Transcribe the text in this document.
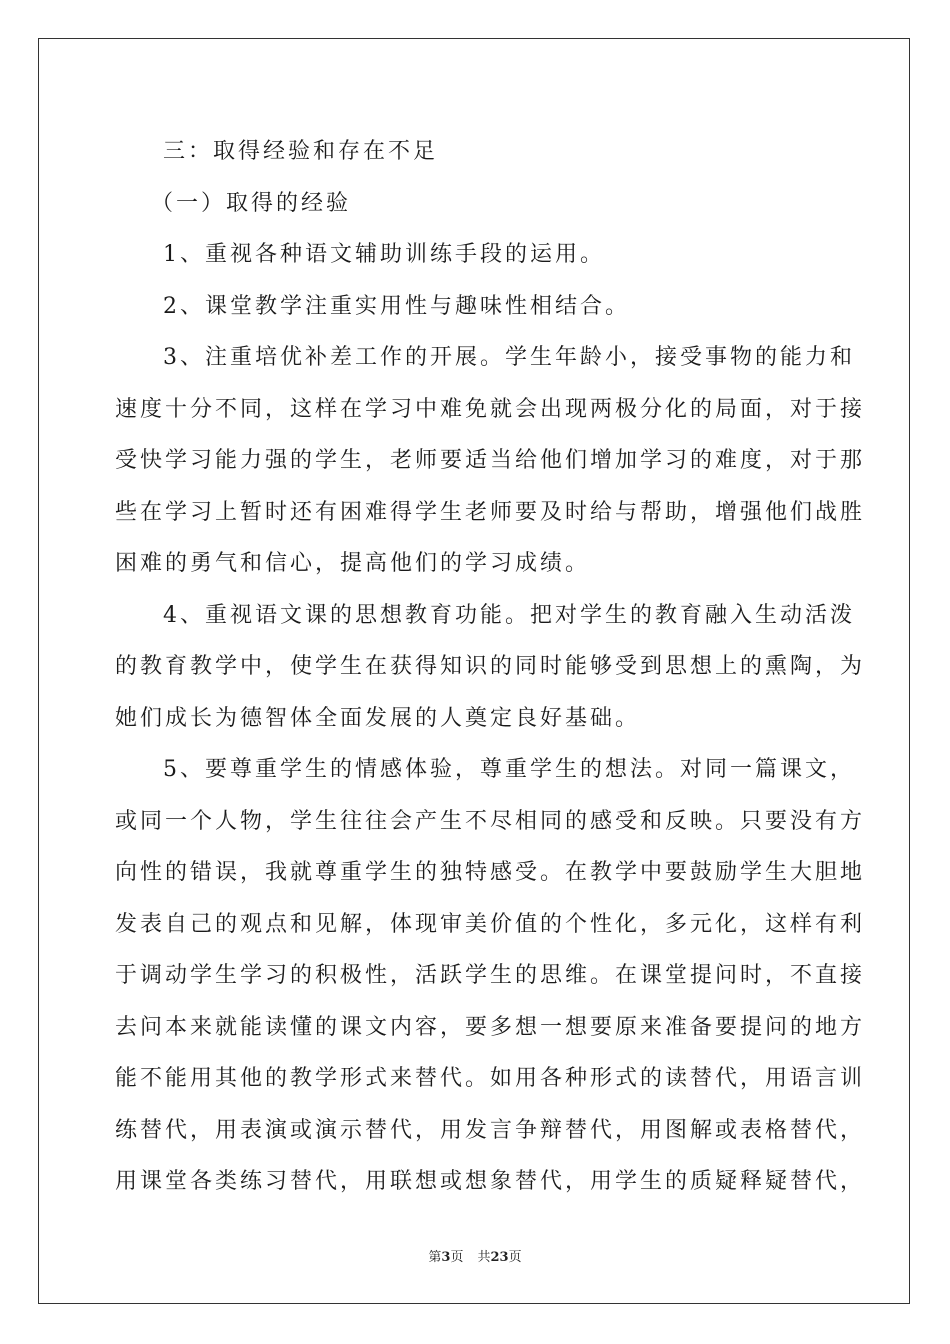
三：取得经验和存在不足
（一）取得的经验
1、重视各种语文辅助训练手段的运用。
2、课堂教学注重实用性与趣味性相结合。
3、注重培优补差工作的开展。学生年龄小，接受事物的能力和
速度十分不同，这样在学习中难免就会出现两极分化的局面，对于接
受快学习能力强的学生，老师要适当给他们增加学习的难度，对于那
些在学习上暂时还有困难得学生老师要及时给与帮助，增强他们战胜
困难的勇气和信心，提高他们的学习成绩。
4、重视语文课的思想教育功能。把对学生的教育融入生动活泼
的教育教学中，使学生在获得知识的同时能够受到思想上的熏陶，为
她们成长为德智体全面发展的人奠定良好基础。
5、要尊重学生的情感体验，尊重学生的想法。对同一篇课文，
或同一个人物，学生往往会产生不尽相同的感受和反映。只要没有方
向性的错误，我就尊重学生的独特感受。在教学中要鼓励学生大胆地
发表自己的观点和见解，体现审美价值的个性化，多元化，这样有利
于调动学生学习的积极性，活跃学生的思维。在课堂提问时，不直接
去问本来就能读懂的课文内容，要多想一想要原来准备要提问的地方
能不能用其他的教学形式来替代。如用各种形式的读替代，用语言训
练替代，用表演或演示替代，用发言争辩替代，用图解或表格替代，
用课堂各类练习替代，用联想或想象替代，用学生的质疑释疑替代，
第3页 共23页
